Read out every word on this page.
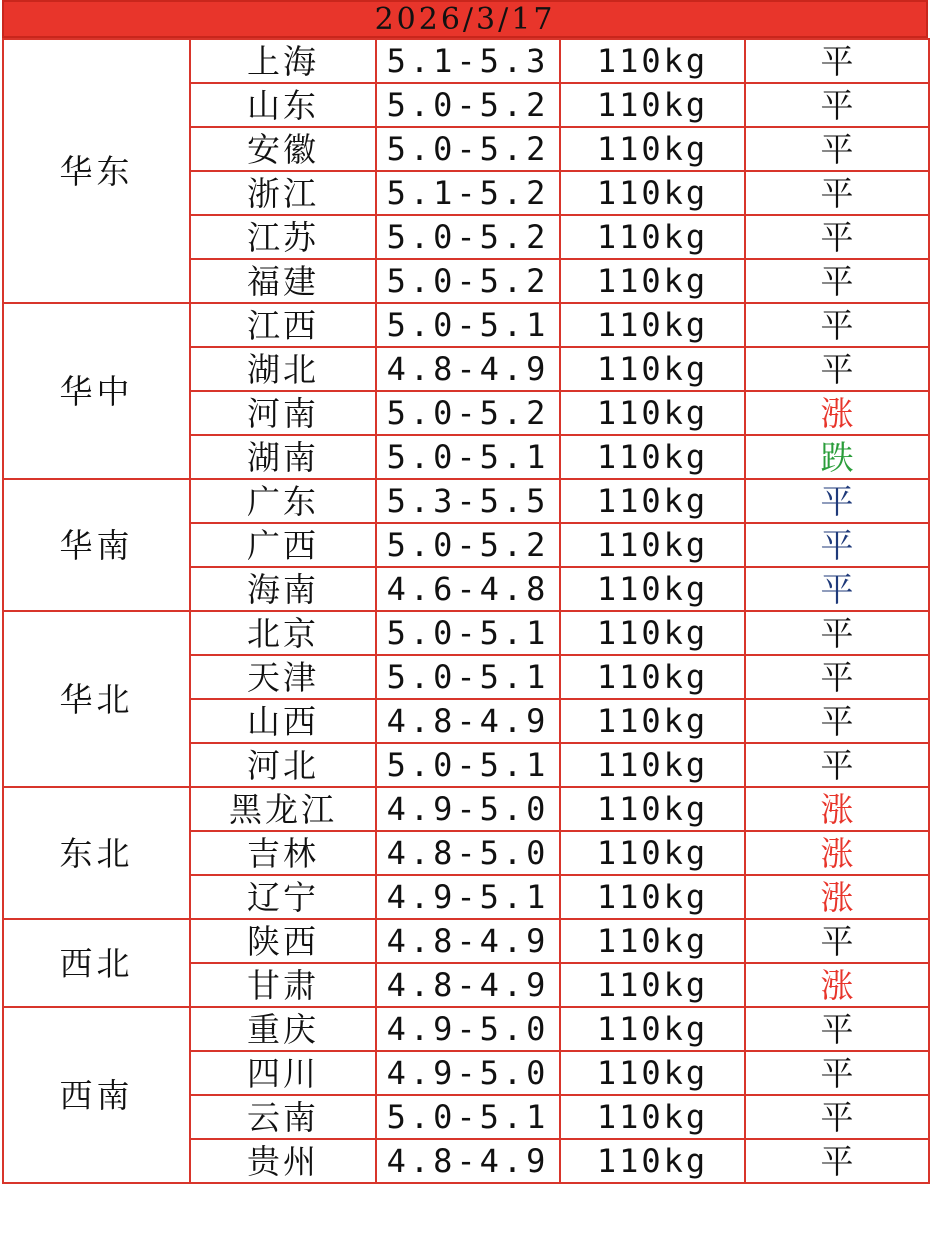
2026/3/17
华东	上海	5.1-5.3	110kg	平
	山东	5.0-5.2	110kg	平
	安徽	5.0-5.2	110kg	平
	浙江	5.1-5.2	110kg	平
	江苏	5.0-5.2	110kg	平
	福建	5.0-5.2	110kg	平
华中	江西	5.0-5.1	110kg	平
	湖北	4.8-4.9	110kg	平
	河南	5.0-5.2	110kg	涨
	湖南	5.0-5.1	110kg	跌
华南	广东	5.3-5.5	110kg	平
	广西	5.0-5.2	110kg	平
	海南	4.6-4.8	110kg	平
华北	北京	5.0-5.1	110kg	平
	天津	5.0-5.1	110kg	平
	山西	4.8-4.9	110kg	平
	河北	5.0-5.1	110kg	平
东北	黑龙江	4.9-5.0	110kg	涨
	吉林	4.8-5.0	110kg	涨
	辽宁	4.9-5.1	110kg	涨
西北	陕西	4.8-4.9	110kg	平
	甘肃	4.8-4.9	110kg	涨
西南	重庆	4.9-5.0	110kg	平
	四川	4.9-5.0	110kg	平
	云南	5.0-5.1	110kg	平
	贵州	4.8-4.9	110kg	平
